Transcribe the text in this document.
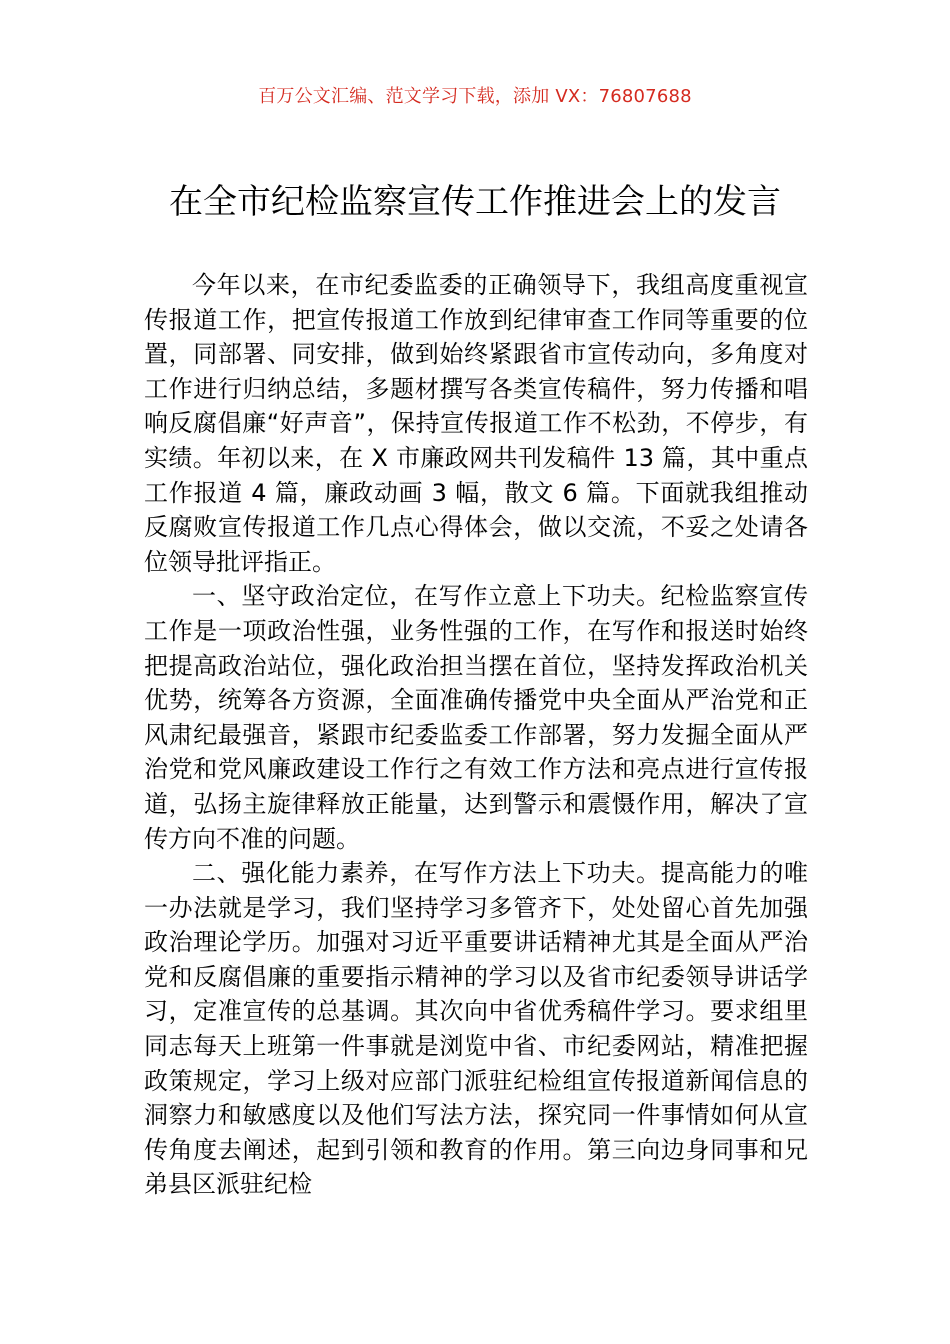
百万公文汇编、范文学习下载，添加 VX：76807688
在全市纪检监察宣传工作推进会上的发言

今年以来，在市纪委监委的正确领导下，我组高度重视宣传报道工作，把宣传报道工作放到纪律审查工作同等重要的位置，同部署、同安排，做到始终紧跟省市宣传动向，多角度对工作进行归纳总结，多题材撰写各类宣传稿件，努力传播和唱响反腐倡廉“好声音”，保持宣传报道工作不松劲，不停步，有实绩。年初以来，在 X 市廉政网共刊发稿件 13 篇，其中重点工作报道 4 篇，廉政动画 3 幅，散文 6 篇。下面就我组推动反腐败宣传报道工作几点心得体会，做以交流，不妥之处请各位领导批评指正。

一、坚守政治定位，在写作立意上下功夫。纪检监察宣传工作是一项政治性强，业务性强的工作，在写作和报送时始终把提高政治站位，强化政治担当摆在首位，坚持发挥政治机关优势，统筹各方资源，全面准确传播党中央全面从严治党和正风肃纪最强音，紧跟市纪委监委工作部署，努力发掘全面从严治党和党风廉政建设工作行之有效工作方法和亮点进行宣传报道，弘扬主旋律释放正能量，达到警示和震慑作用，解决了宣传方向不准的问题。

二、强化能力素养，在写作方法上下功夫。提高能力的唯一办法就是学习，我们坚持学习多管齐下，处处留心首先加强政治理论学历。加强对习近平重要讲话精神尤其是全面从严治党和反腐倡廉的重要指示精神的学习以及省市纪委领导讲话学习，定准宣传的总基调。其次向中省优秀稿件学习。要求组里同志每天上班第一件事就是浏览中省、市纪委网站，精准把握政策规定，学习上级对应部门派驻纪检组宣传报道新闻信息的洞察力和敏感度以及他们写法方法，探究同一件事情如何从宣传角度去阐述，起到引领和教育的作用。第三向边身同事和兄弟县区派驻纪检
